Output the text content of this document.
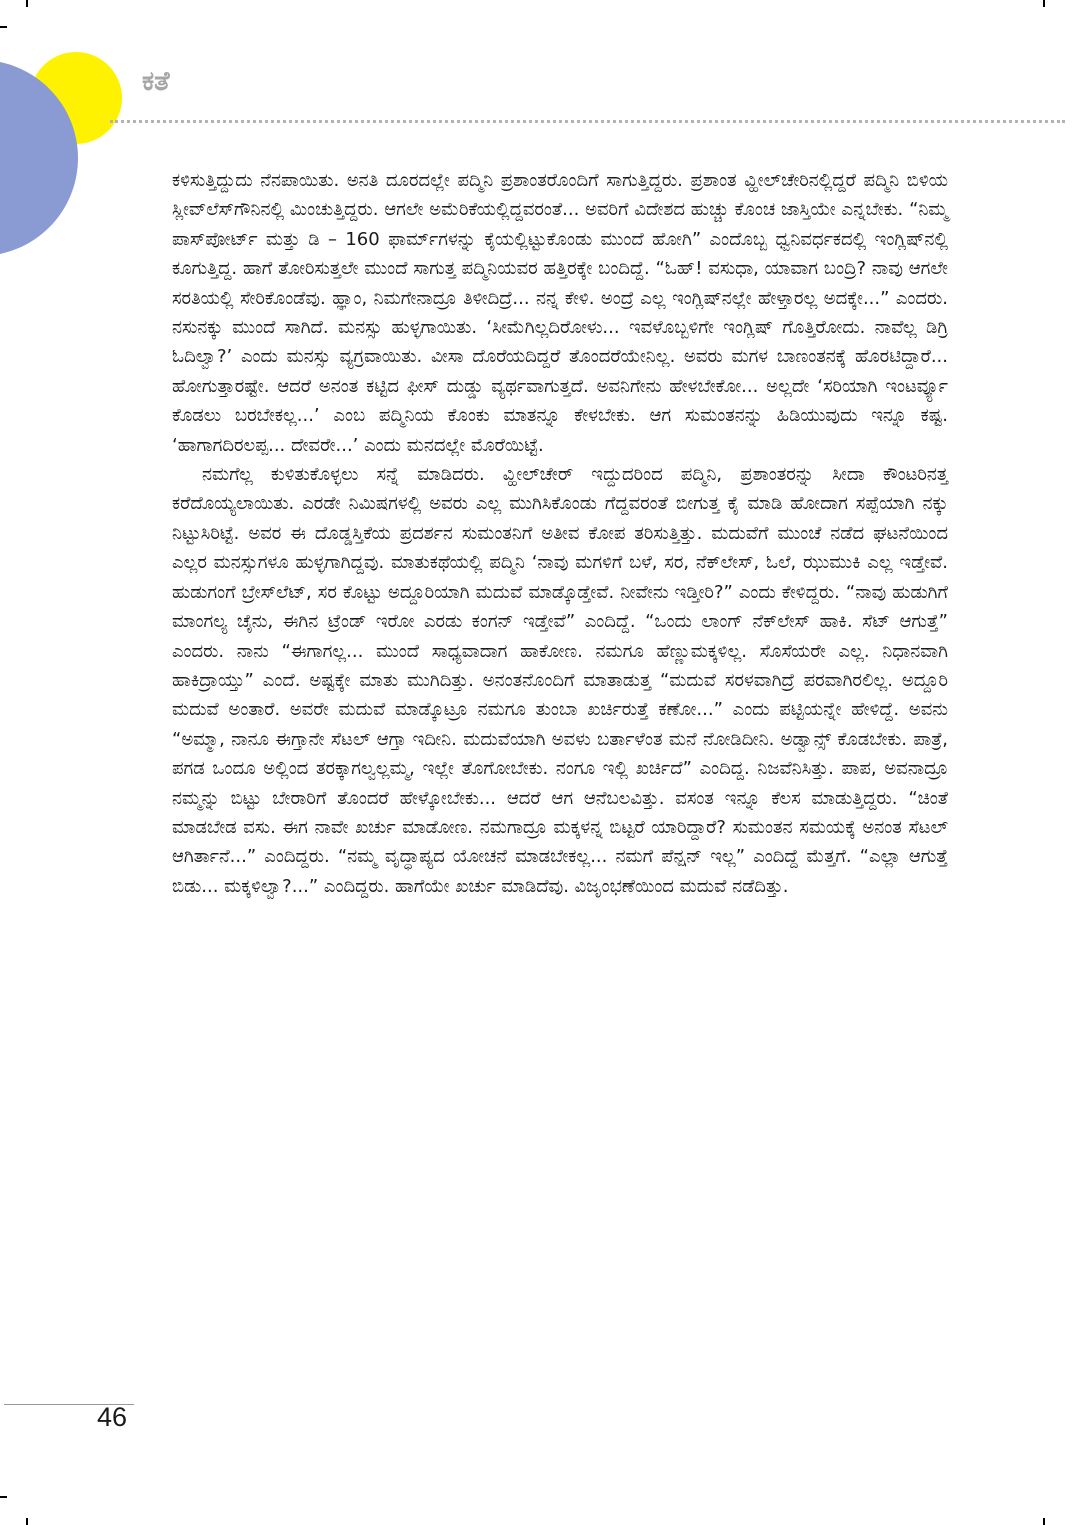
ಕತೆ

ಕಳಿಸುತ್ತಿದ್ದುದು ನೆನಪಾಯಿತು. ಅನತಿ ದೂರದಲ್ಲೇ ಪದ್ಮಿನಿ ಪ್ರಶಾಂತರೊಂದಿಗೆ ಸಾಗುತ್ತಿದ್ದರು. ಪ್ರಶಾಂತ ವ್ಹೀಲ್‌ಚೇರಿನಲ್ಲಿದ್ದರೆ ಪದ್ಮಿನಿ ಬಿಳಿಯ ಸ್ಲೀವ್‌ಲೆಸ್‌ಗೌನಿನಲ್ಲಿ ಮಿಂಚುತ್ತಿದ್ದರು. ಆಗಲೇ ಅಮೆರಿಕೆಯಲ್ಲಿದ್ದವರಂತೆ... ಅವರಿಗೆ ವಿದೇಶದ ಹುಚ್ಚು ಕೊಂಚ ಜಾಸ್ತಿಯೇ ಎನ್ನಬೇಕು. “ನಿಮ್ಮ ಪಾಸ್‌ಪೋರ್ಟ್ ಮತ್ತು ಡಿ – 160 ಫಾರ್ಮ್‌ಗಳನ್ನು ಕೈಯಲ್ಲಿಟ್ಟುಕೊಂಡು ಮುಂದೆ ಹೋಗಿ” ಎಂದೊಬ್ಬ ಧ್ವನಿವರ್ಧಕದಲ್ಲಿ ಇಂಗ್ಲಿಷ್‌ನಲ್ಲಿ ಕೂಗುತ್ತಿದ್ದ. ಹಾಗೆ ತೋರಿಸುತ್ತಲೇ ಮುಂದೆ ಸಾಗುತ್ತ ಪದ್ಮಿನಿಯವರ ಹತ್ತಿರಕ್ಕೇ ಬಂದಿದ್ದೆ. “ಓಹ್! ವಸುಧಾ, ಯಾವಾಗ ಬಂದ್ರಿ? ನಾವು ಆಗಲೇ ಸರತಿಯಲ್ಲಿ ಸೇರಿಕೊಂಡೆವು. ಹ್ಞಾಂ, ನಿಮಗೇನಾದ್ರೂ ತಿಳೀದಿದ್ರೆ... ನನ್ನ ಕೇಳಿ. ಅಂದ್ರೆ ಎಲ್ಲ ಇಂಗ್ಲಿಷ್‌ನಲ್ಲೇ ಹೇಳ್ತಾರಲ್ಲ ಅದಕ್ಕೇ...” ಎಂದರು. ನಸುನಕ್ಕು ಮುಂದೆ ಸಾಗಿದೆ. ಮನಸ್ಸು ಹುಳ್ಳಗಾಯಿತು. ‘ಸೀಮೆಗಿಲ್ಲದಿರೋಳು... ಇವಳೊಬ್ಬಳಿಗೇ ಇಂಗ್ಲಿಷ್ ಗೊತ್ತಿರೋದು. ನಾವೆಲ್ಲ ಡಿಗ್ರಿ ಓದಿಲ್ವಾ?’ ಎಂದು ಮನಸ್ಸು ವ್ಯಗ್ರವಾಯಿತು. ವೀಸಾ ದೊರೆಯದಿದ್ದರೆ ತೊಂದರೆಯೇನಿಲ್ಲ. ಅವರು ಮಗಳ ಬಾಣಂತನಕ್ಕೆ ಹೊರಟಿದ್ದಾರೆ... ಹೋಗುತ್ತಾರಷ್ಟೇ. ಆದರೆ ಅನಂತ ಕಟ್ಟಿದ ಫೀಸ್ ದುಡ್ಡು ವ್ಯರ್ಥವಾಗುತ್ತದೆ. ಅವನಿಗೇನು ಹೇಳಬೇಕೋ... ಅಲ್ಲದೇ ‘ಸರಿಯಾಗಿ ಇಂಟರ್ವ್ಯೂ ಕೊಡಲು ಬರಬೇಕಲ್ಲ...’ ಎಂಬ ಪದ್ಮಿನಿಯ ಕೊಂಕು ಮಾತನ್ನೂ ಕೇಳಬೇಕು. ಆಗ ಸುಮಂತನನ್ನು ಹಿಡಿಯುವುದು ಇನ್ನೂ ಕಷ್ಟ. ‘ಹಾಗಾಗದಿರಲಪ್ಪ... ದೇವರೇ...’ ಎಂದು ಮನದಲ್ಲೇ ಮೊರೆಯಿಟ್ಟೆ.

ನಮಗೆಲ್ಲ ಕುಳಿತುಕೊಳ್ಳಲು ಸನ್ನೆ ಮಾಡಿದರು. ವ್ಹೀಲ್‌ಚೇರ್ ಇದ್ದುದರಿಂದ ಪದ್ಮಿನಿ, ಪ್ರಶಾಂತರನ್ನು ಸೀದಾ ಕೌಂಟರಿನತ್ತ ಕರೆದೊಯ್ಯಲಾಯಿತು. ಎರಡೇ ನಿಮಿಷಗಳಲ್ಲಿ ಅವರು ಎಲ್ಲ ಮುಗಿಸಿಕೊಂಡು ಗೆದ್ದವರಂತೆ ಬೀಗುತ್ತ ಕೈ ಮಾಡಿ ಹೋದಾಗ ಸಪ್ಪೆಯಾಗಿ ನಕ್ಕು ನಿಟ್ಟುಸಿರಿಟ್ಟೆ. ಅವರ ಈ ದೊಡ್ಡಸ್ತಿಕೆಯ ಪ್ರದರ್ಶನ ಸುಮಂತನಿಗೆ ಅತೀವ ಕೋಪ ತರಿಸುತ್ತಿತ್ತು. ಮದುವೆಗೆ ಮುಂಚೆ ನಡೆದ ಘಟನೆಯಿಂದ ಎಲ್ಲರ ಮನಸ್ಸುಗಳೂ ಹುಳ್ಳಗಾಗಿದ್ದವು. ಮಾತುಕಥೆಯಲ್ಲಿ ಪದ್ಮಿನಿ ‘ನಾವು ಮಗಳಿಗೆ ಬಳೆ, ಸರ, ನೆಕ್‌ಲೇಸ್, ಓಲೆ, ಝುಮುಕಿ ಎಲ್ಲ ಇಡ್ತೇವೆ. ಹುಡುಗಂಗೆ ಬ್ರೇಸ್‌ಲೆಟ್, ಸರ ಕೊಟ್ಟು ಅದ್ದೂರಿಯಾಗಿ ಮದುವೆ ಮಾಡ್ಕೊಡ್ತೇವೆ. ನೀವೇನು ಇಡ್ತೀರಿ?” ಎಂದು ಕೇಳಿದ್ದರು. “ನಾವು ಹುಡುಗಿಗೆ ಮಾಂಗಲ್ಯ ಚೈನು, ಈಗಿನ ಟ್ರೆಂಡ್ ಇರೋ ಎರಡು ಕಂಗನ್ ಇಡ್ತೇವೆ” ಎಂದಿದ್ದೆ. “ಒಂದು ಲಾಂಗ್ ನೆಕ್‌ಲೇಸ್ ಹಾಕಿ. ಸೆಟ್ ಆಗುತ್ತೆ” ಎಂದರು. ನಾನು “ಈಗಾಗಲ್ಲ... ಮುಂದೆ ಸಾಧ್ಯವಾದಾಗ ಹಾಕೋಣ. ನಮಗೂ ಹೆಣ್ಣುಮಕ್ಕಳಿಲ್ಲ. ಸೊಸೆಯರೇ ಎಲ್ಲ. ನಿಧಾನವಾಗಿ ಹಾಕಿದ್ರಾಯ್ತು” ಎಂದೆ. ಅಷ್ಟಕ್ಕೇ ಮಾತು ಮುಗಿದಿತ್ತು. ಅನಂತನೊಂದಿಗೆ ಮಾತಾಡುತ್ತ “ಮದುವೆ ಸರಳವಾಗಿದ್ರೆ ಪರವಾಗಿರಲಿಲ್ಲ. ಅದ್ದೂರಿ ಮದುವೆ ಅಂತಾರೆ. ಅವರೇ ಮದುವೆ ಮಾಡ್ಕೊಟ್ರೂ ನಮಗೂ ತುಂಬಾ ಖರ್ಚಿರುತ್ತೆ ಕಣೋ...” ಎಂದು ಪಟ್ಟಿಯನ್ನೇ ಹೇಳಿದ್ದೆ. ಅವನು “ಅಮ್ಮಾ, ನಾನೂ ಈಗ್ತಾನೇ ಸೆಟಲ್ ಆಗ್ತಾ ಇದೀನಿ. ಮದುವೆಯಾಗಿ ಅವಳು ಬರ್ತಾಳೆಂತ ಮನೆ ನೋಡಿದೀನಿ. ಅಡ್ವಾನ್ಸ್ ಕೊಡಬೇಕು. ಪಾತ್ರೆ, ಪಗಡ ಒಂದೂ ಅಲ್ಲಿಂದ ತರಕ್ಕಾಗಲ್ವಲ್ಲಮ್ಮ, ಇಲ್ಲೇ ತೊಗೋಬೇಕು. ನಂಗೂ ಇಲ್ಲಿ ಖರ್ಚಿದೆ” ಎಂದಿದ್ದ. ನಿಜವೆನಿಸಿತ್ತು. ಪಾಪ, ಅವನಾದ್ರೂ ನಮ್ಮನ್ನು ಬಿಟ್ಟು ಬೇರಾರಿಗೆ ತೊಂದರೆ ಹೇಳ್ಕೋಬೇಕು... ಆದರೆ ಆಗ ಆನೆಬಲವಿತ್ತು. ವಸಂತ ಇನ್ನೂ ಕೆಲಸ ಮಾಡುತ್ತಿದ್ದರು. “ಚಿಂತೆ ಮಾಡಬೇಡ ವಸು. ಈಗ ನಾವೇ ಖರ್ಚು ಮಾಡೋಣ. ನಮಗಾದ್ರೂ ಮಕ್ಕಳನ್ನ ಬಿಟ್ಟರೆ ಯಾರಿದ್ದಾರೆ? ಸುಮಂತನ ಸಮಯಕ್ಕೆ ಅನಂತ ಸೆಟಲ್ ಆಗಿರ್ತಾನೆ...” ಎಂದಿದ್ದರು. “ನಮ್ಮ ವೃದ್ಧಾಪ್ಯದ ಯೋಚನೆ ಮಾಡಬೇಕಲ್ಲ... ನಮಗೆ ಪೆನ್ಷನ್ ಇಲ್ಲ” ಎಂದಿದ್ದೆ ಮೆತ್ತಗೆ. “ಎಲ್ಲಾ ಆಗುತ್ತೆ ಬಿಡು... ಮಕ್ಕಳಿಲ್ವಾ?...” ಎಂದಿದ್ದರು. ಹಾಗೆಯೇ ಖರ್ಚು ಮಾಡಿದೆವು. ವಿಜೃಂಭಣೆಯಿಂದ ಮದುವೆ ನಡೆದಿತ್ತು.

46
